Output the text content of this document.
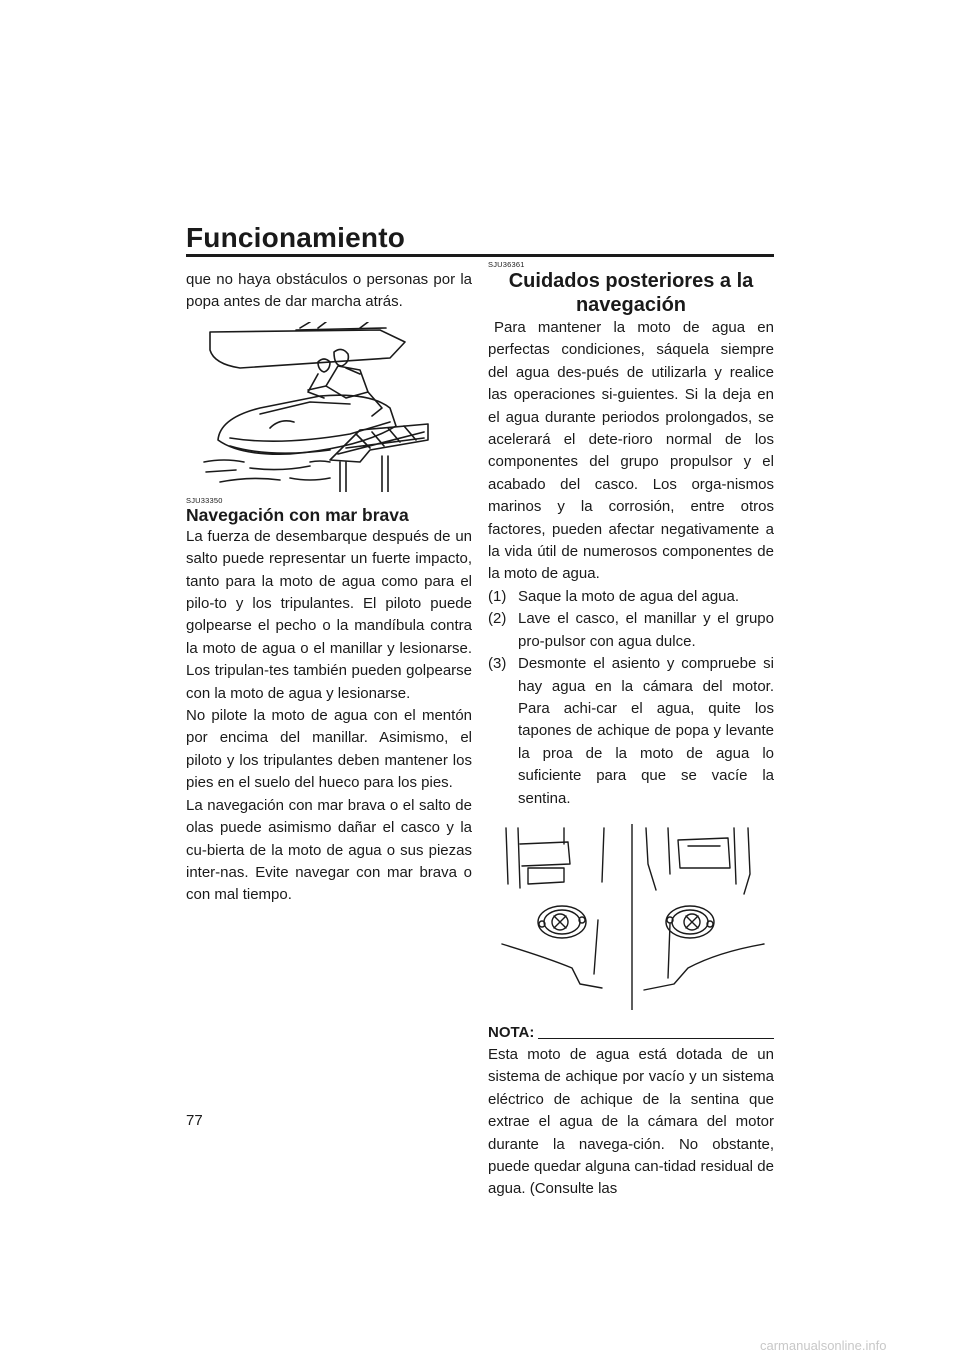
Funcionamiento

que no haya obstáculos o personas por la popa antes de dar marcha atrás.

SJU33350

Navegación con mar brava

La fuerza de desembarque después de un salto puede representar un fuerte impacto, tanto para la moto de agua como para el pilo-to y los tripulantes. El piloto puede golpearse el pecho o la mandíbula contra la moto de agua o el manillar y lesionarse. Los tripulan-tes también pueden golpearse con la moto de agua y lesionarse.

No pilote la moto de agua con el mentón por encima del manillar. Asimismo, el piloto y los tripulantes deben mantener los pies en el suelo del hueco para los pies.

La navegación con mar brava o el salto de olas puede asimismo dañar el casco y la cu-bierta de la moto de agua o sus piezas inter-nas. Evite navegar con mar brava o con mal tiempo.

SJU36361

Cuidados posteriores a la navegación

Para mantener la moto de agua en perfectas condiciones, sáquela siempre del agua des-pués de utilizarla y realice las operaciones si-guientes. Si la deja en el agua durante periodos prolongados, se acelerará el dete-rioro normal de los componentes del grupo propulsor y el acabado del casco. Los orga-nismos marinos y la corrosión, entre otros factores, pueden afectar negativamente a la vida útil de numerosos componentes de la moto de agua.

(1) Saque la moto de agua del agua.
(2) Lave el casco, el manillar y el grupo pro-pulsor con agua dulce.
(3) Desmonte el asiento y compruebe si hay agua en la cámara del motor. Para achi-car el agua, quite los tapones de achique de popa y levante la proa de la moto de agua lo suficiente para que se vacíe la sentina.
NOTA:

Esta moto de agua está dotada de un sistema de achique por vacío y un sistema eléctrico de achique de la sentina que extrae el agua de la cámara del motor durante la navega-ción. No obstante, puede quedar alguna can-tidad residual de agua. (Consulte las

77
carmanualsonline.info
